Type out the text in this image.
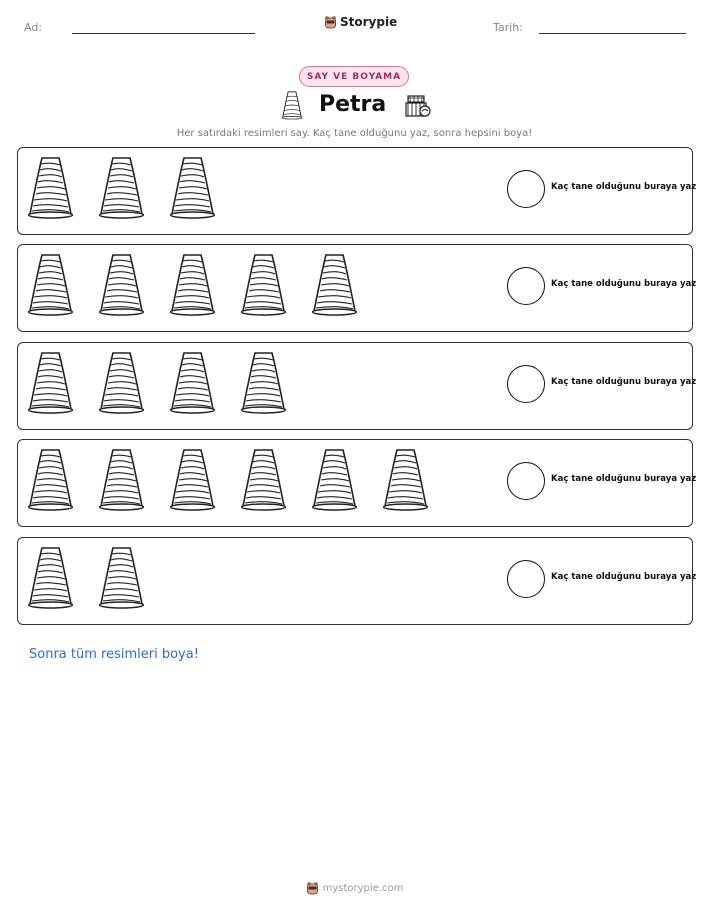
Ad:	Storypie	Tarih:
SAY VE BOYAMA
Petra
Her satırdaki resimleri say. Kaç tane olduğunu yaz, sonra hepsini boya!
Kaç tane olduğunu buraya yaz
Kaç tane olduğunu buraya yaz
Kaç tane olduğunu buraya yaz
Kaç tane olduğunu buraya yaz
Kaç tane olduğunu buraya yaz
Sonra tüm resimleri boya!
mystorypie.com
